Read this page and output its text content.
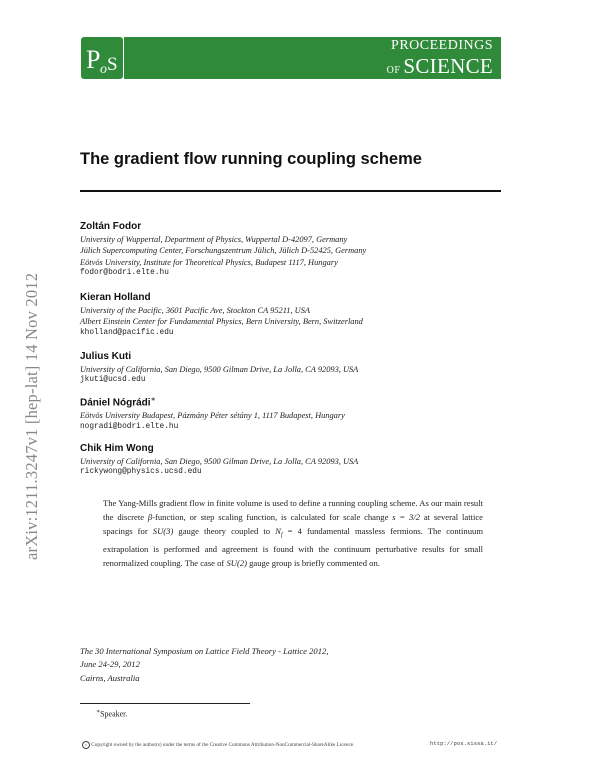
P o S
PROCEEDINGS
OF SCIENCE
arXiv:1211.3247v1 [hep-lat] 14 Nov 2012
The gradient flow running coupling scheme
Zoltán Fodor
University of Wuppertal, Department of Physics, Wuppertal D-42097, Germany
Jülich Supercomputing Center, Forschungszentrum Jülich, Jülich D-52425, Germany
Eötvös University, Institute for Theoretical Physics, Budapest 1117, Hungary
fodor@bodri.elte.hu
Kieran Holland
University of the Pacific, 3601 Pacific Ave, Stockton CA 95211, USA
Albert Einstein Center for Fundamental Physics, Bern University, Bern, Switzerland
kholland@pacific.edu
Julius Kuti
University of California, San Diego, 9500 Gilman Drive, La Jolla, CA 92093, USA
jkuti@ucsd.edu
Dániel Nógrádi∗
Eötvös University Budapest, Pázmány Péter sétány 1, 1117 Budapest, Hungary
nogradi@bodri.elte.hu
Chik Him Wong
University of California, San Diego, 9500 Gilman Drive, La Jolla, CA 92093, USA
rickywong@physics.ucsd.edu
The Yang-Mills gradient flow in finite volume is used to define a running coupling scheme. As our main result the discrete β-function, or step scaling function, is calculated for scale change s = 3/2 at several lattice spacings for SU(3) gauge theory coupled to $N_f = 4$ fundamental massless fermions. The continuum extrapolation is performed and agreement is found with the continuum perturbative results for small renormalized coupling. The case of SU(2) gauge group is briefly commented on.
The 30 International Symposium on Lattice Field Theory - Lattice 2012,
June 24-29, 2012
Cairns, Australia
∗Speaker.
c Copyright owned by the author(s) under the terms of the Creative Commons Attribution-NonCommercial-ShareAlike Licence.	http://pos.sissa.it/
